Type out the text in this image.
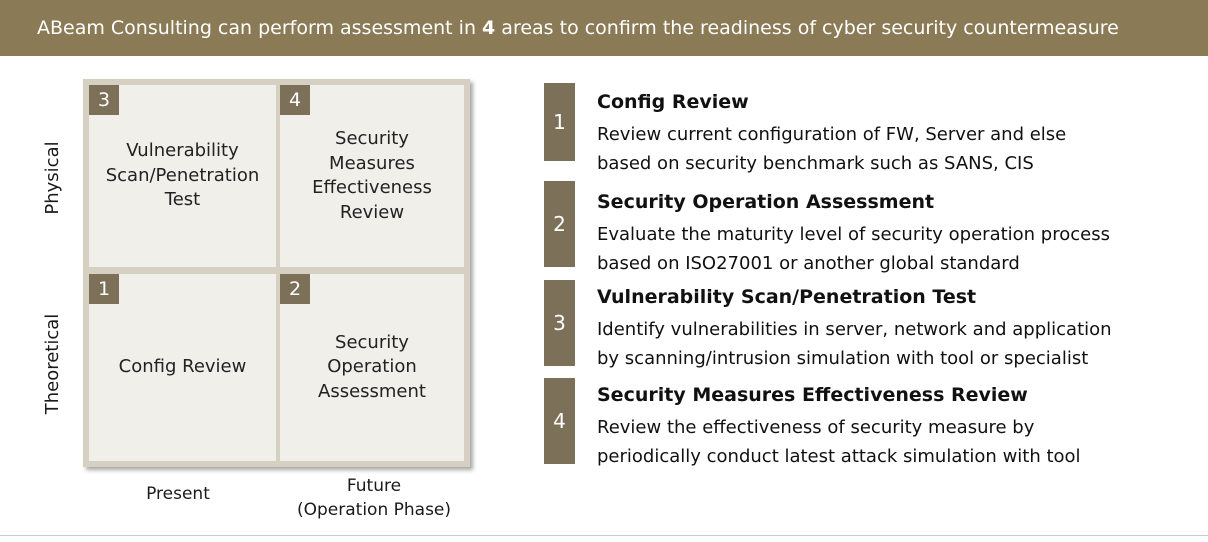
ABeam Consulting can perform assessment in 4 areas to confirm the readiness of cyber security countermeasure
Physical
Theoretical
3
Vulnerability
Scan/Penetration
Test
4
Security
Measures
Effectiveness
Review
1
Config Review
2
Security
Operation
Assessment
Present	Future
(Operation Phase)
1
Config Review
Review current configuration of FW, Server and else
based on security benchmark such as SANS, CIS
2
Security Operation Assessment
Evaluate the maturity level of security operation process
based on ISO27001 or another global standard
3
Vulnerability Scan/Penetration Test
Identify vulnerabilities in server, network and application
by scanning/intrusion simulation with tool or specialist
4
Security Measures Effectiveness Review
Review the effectiveness of security measure by
periodically conduct latest attack simulation with tool
